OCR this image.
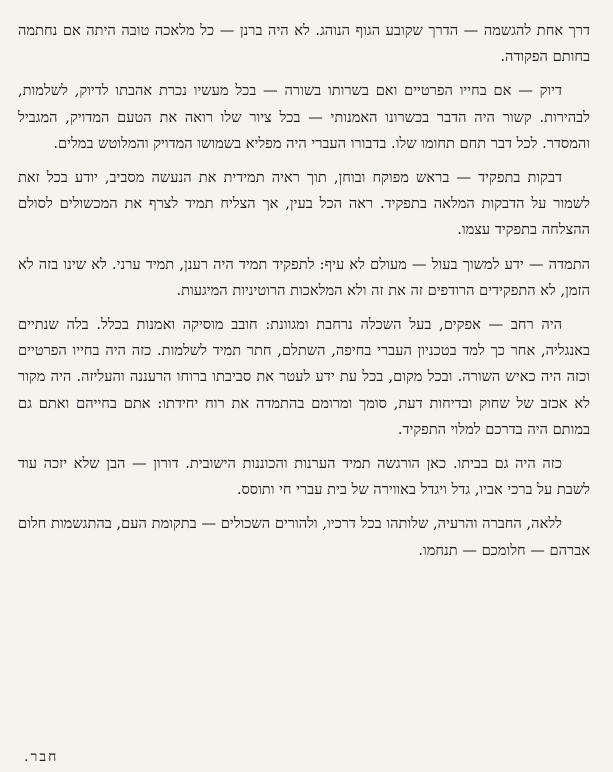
דרך אחת להגשמה — הדרך שקובע הגוף הנוהג. לא היה ברנן — כל מלאכה טובה היתה אם נחתמה בחותם הפקודה.

דיוק — אם בחייו הפרטיים ואם בשרותו בשורה — בכל מעשיו נכרת אהבתו לדיוק, לשלמות, לבהירות. קשור היה הדבר בכשרונו האמנותי — בכל ציור שלו רואה את הטעם המדויק, המגביל והמסדר. לכל דבר תחם תחומו שלו. בדבורו העברי היה מפליא בשמושו המדויק והמלוטש במלים.

דבקות בתפקיד — בראש מפוקח ובוחן, תוך ראיה תמידית את הנעשה מסביב, יודע בכל זאת לשמור על הדבקות המלאה בתפקיד. ראה הכל בעין, אך הצליח תמיד לצרף את המכשולים לסולם ההצלחה בתפקיד עצמו.

התמדה — ידע למשוך בעול — מעולם לא עיף: לתפקיד תמיד היה רענן, תמיד ערני. לא שינו בזה לא הזמן, לא התפקידים הרודפים זה את זה ולא המלאכות הרוטיניות המיגעות.

היה רחב — אפקים, בעל השכלה נרחבת ומגוונת: חובב מוסיקה ואמנות בכלל. בלה שנתיים באנגליה, אחר כך למד בטכניון העברי בחיפה, השתלם, חתר תמיד לשלמות. כזה היה בחייו הפרטיים וכזה היה כאיש השורה. ובכל מקום, בכל עת ידע לעטר את סביבתו ברוחו הרעננה והעליזה. היה מקור לא אכזב של שחוק ובדיחות דעת, סומך ומרומם בהתמדה את רוח יחידתו: אתם בחייהם ואתם גם במותם היה בדרכם למלוי התפקיד.

כזה היה גם בביתו. כאן הורגשה תמיד הערנות והכוננות הישובית. דורון — הבן שלא יזכה עוד לשבת על ברכי אביו, גדל ויגדל באווירה של בית עברי חי ותוסס.

ללאה, החברה והרעיה, שלותהו בכל דרכיו, ולהורים השכולים — בתקומת העם, בהתגשמות חלום אברהם — חלומכם — תנחמו.

חבר.
